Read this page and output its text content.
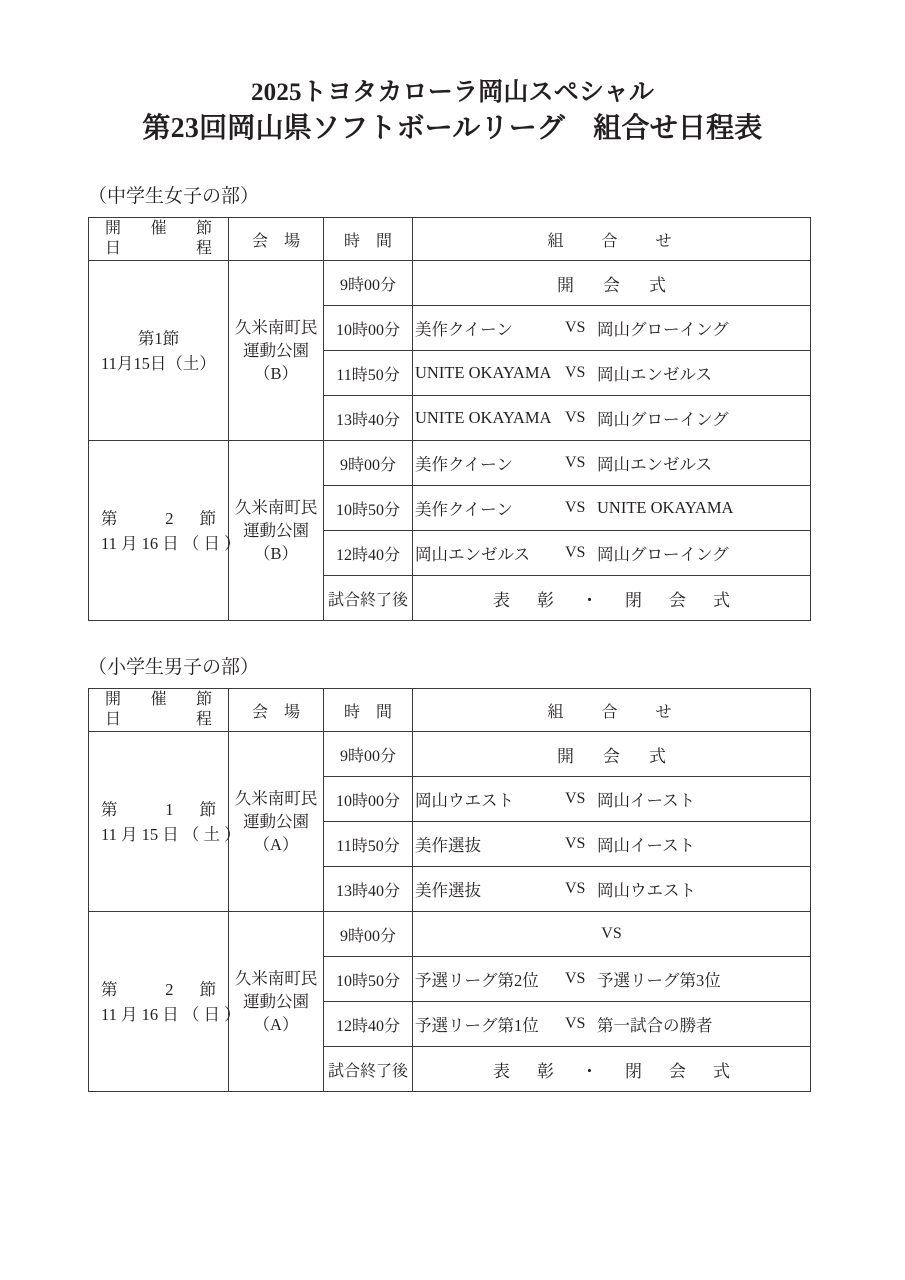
2025トヨタカローラ岡山スペシャル
第23回岡山県ソフトボールリーグ　組合せ日程表

（中学生女子の部）

開催節
日程	会　場	時　間	組合せ

第1節
11月15日（土）	久米南町民
運動公園
（B）	9時00分	開会式
		10時00分	美作クイーン VS 岡山グローイング

		11時50分	UNITE OKAYAMA VS 岡山エンゼルス

		13時40分	UNITE OKAYAMA VS 岡山グローイング

第 2 節
11 月 16 日 （ 日 ）	久米南町民
運動公園
（B）	9時00分	美作クイーン VS 岡山エンゼルス

		10時50分	美作クイーン VS UNITE OKAYAMA

		12時40分	岡山エンゼルス VS 岡山グローイング

		試合終了後	表彰・閉会式

（小学生男子の部）

開催節
日程	会　場	時　間	組合せ

第 1 節
11 月 15 日 （ 土 ）	久米南町民
運動公園
（A）	9時00分	開会式
		10時00分	岡山ウエスト VS 岡山イースト

		11時50分	美作選抜 VS 岡山イースト

		13時40分	美作選抜 VS 岡山ウエスト

第 2 節
11 月 16 日 （ 日 ）	久米南町民
運動公園
（A）	9時00分	VS

		10時50分	予選リーグ第2位 VS 予選リーグ第3位

		12時40分	予選リーグ第1位 VS 第一試合の勝者

		試合終了後	表彰・閉会式
